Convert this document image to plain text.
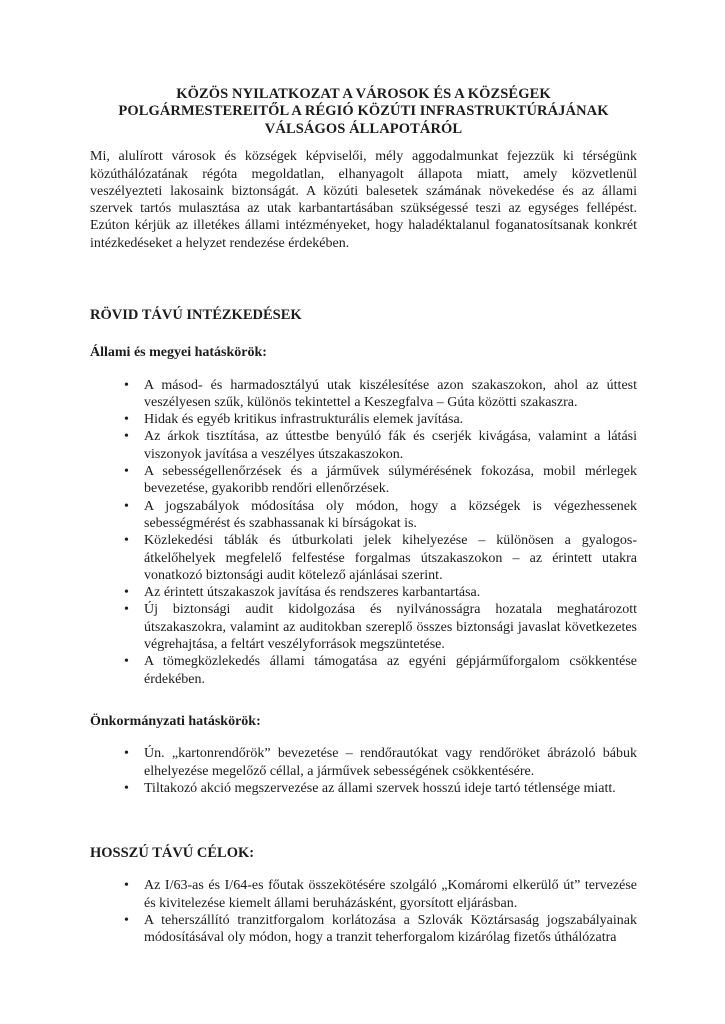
KÖZÖS NYILATKOZAT A VÁROSOK ÉS A KÖZSÉGEK
POLGÁRMESTEREITŐL A RÉGIÓ KÖZÚTI INFRASTRUKTÚRÁJÁNAK
VÁLSÁGOS ÁLLAPOTÁRÓL

Mi, alulírott városok és községek képviselői, mély aggodalmunkat fejezzük ki térségünk közúthálózatának régóta megoldatlan, elhanyagolt állapota miatt, amely közvetlenül veszélyezteti lakosaink biztonságát. A közúti balesetek számának növekedése és az állami szervek tartós mulasztása az utak karbantartásában szükségessé teszi az egységes fellépést. Ezúton kérjük az illetékes állami intézményeket, hogy haladéktalanul foganatosítsanak konkrét intézkedéseket a helyzet rendezése érdekében.

RÖVID TÁVÚ INTÉZKEDÉSEK
Állami és megyei hatáskörök:
• A másod- és harmadosztályú utak kiszélesítése azon szakaszokon, ahol az úttest veszélyesen szűk, különös tekintettel a Keszegfalva – Gúta közötti szakaszra.
• Hidak és egyéb kritikus infrastrukturális elemek javítása.
• Az árkok tisztítása, az úttestbe benyúló fák és cserjék kivágása, valamint a látási viszonyok javítása a veszélyes útszakaszokon.
• A sebességellenőrzések és a járművek súlymérésének fokozása, mobil mérlegek bevezetése, gyakoribb rendőri ellenőrzések.
• A jogszabályok módosítása oly módon, hogy a községek is végezhessenek sebességmérést és szabhassanak ki bírságokat is.
• Közlekedési táblák és útburkolati jelek kihelyezése – különösen a gyalogos-átkelőhelyek megfelelő felfestése forgalmas útszakaszokon – az érintett utakra vonatkozó biztonsági audit kötelező ajánlásai szerint.
• Az érintett útszakaszok javítása és rendszeres karbantartása.
• Új biztonsági audit kidolgozása és nyilvánosságra hozatala meghatározott útszakaszokra, valamint az auditokban szereplő összes biztonsági javaslat következetes végrehajtása, a feltárt veszélyforrások megszüntetése.
• A tömegközlekedés állami támogatása az egyéni gépjárműforgalom csökkentése érdekében.
Önkormányzati hatáskörök:
• Ún. „kartonrendőrök” bevezetése – rendőrautókat vagy rendőröket ábrázoló bábuk elhelyezése megelőző céllal, a járművek sebességének csökkentésére.
• Tiltakozó akció megszervezése az állami szervek hosszú ideje tartó tétlensége miatt.
HOSSZÚ TÁVÚ CÉLOK:
• Az I/63-as és I/64-es főutak összekötésére szolgáló „Komáromi elkerülő út” tervezése és kivitelezése kiemelt állami beruházásként, gyorsított eljárásban.
• A teherszállító tranzitforgalom korlátozása a Szlovák Köztársaság jogszabályainak módosításával oly módon, hogy a tranzit teherforgalom kizárólag fizetős úthálózatra
